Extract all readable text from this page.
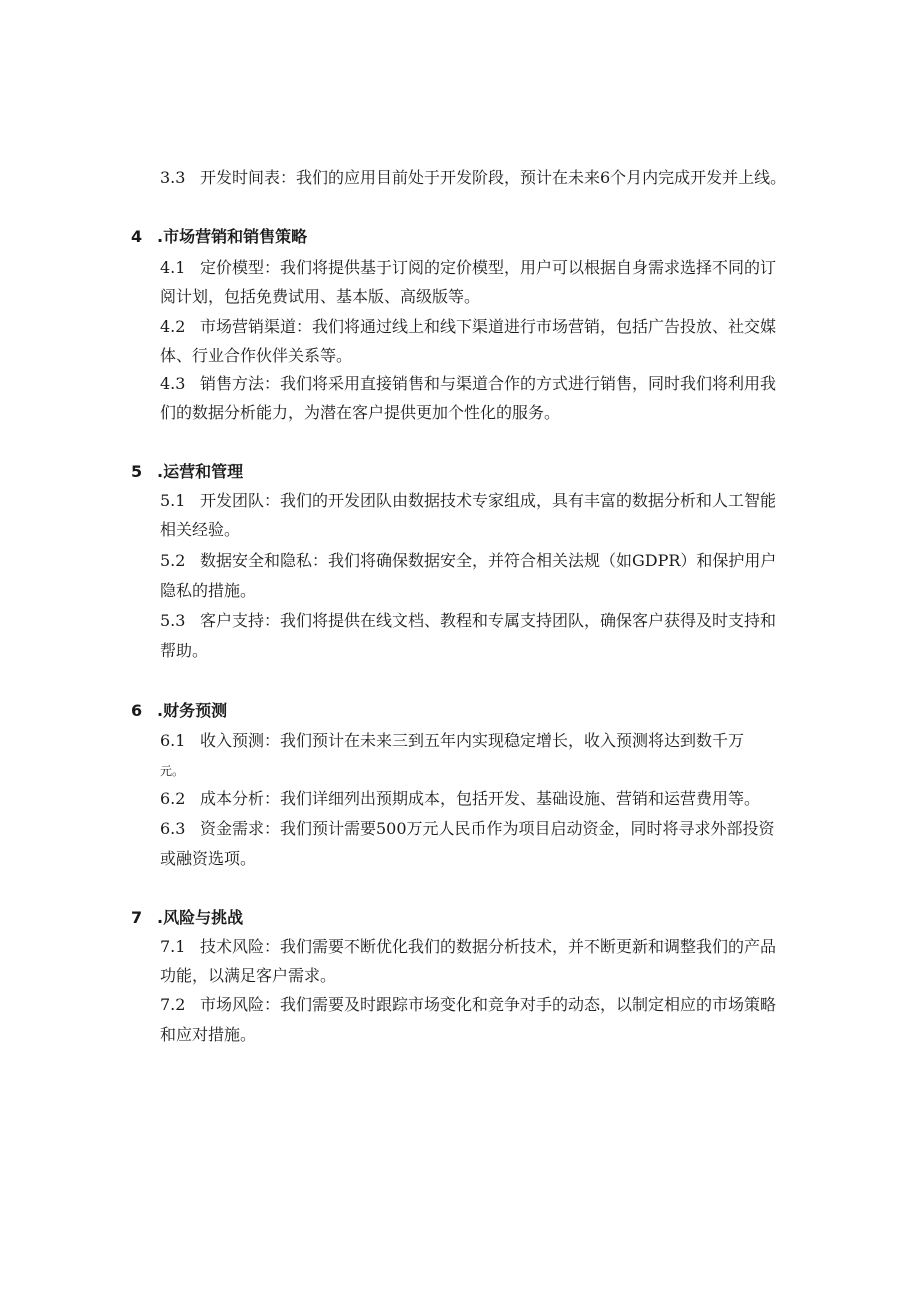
3.3 开发时间表：我们的应用目前处于开发阶段，预计在未来6个月内完成开发并上线。
4 .市场营销和销售策略
4.1 定价模型：我们将提供基于订阅的定价模型，用户可以根据自身需求选择不同的订
阅计划，包括免费试用、基本版、高级版等。
4.2 市场营销渠道：我们将通过线上和线下渠道进行市场营销，包括广告投放、社交媒
体、行业合作伙伴关系等。
4.3 销售方法：我们将采用直接销售和与渠道合作的方式进行销售，同时我们将利用我
们的数据分析能力，为潜在客户提供更加个性化的服务。
5 .运营和管理
5.1 开发团队：我们的开发团队由数据技术专家组成，具有丰富的数据分析和人工智能
相关经验。
5.2 数据安全和隐私：我们将确保数据安全，并符合相关法规（如GDPR）和保护用户
隐私的措施。
5.3 客户支持：我们将提供在线文档、教程和专属支持团队，确保客户获得及时支持和
帮助。
6 .财务预测
6.1 收入预测：我们预计在未来三到五年内实现稳定增长，收入预测将达到数千万
元。
6.2 成本分析：我们详细列出预期成本，包括开发、基础设施、营销和运营费用等。
6.3 资金需求：我们预计需要500万元人民币作为项目启动资金，同时将寻求外部投资
或融资选项。
7 .风险与挑战
7.1 技术风险：我们需要不断优化我们的数据分析技术，并不断更新和调整我们的产品
功能，以满足客户需求。
7.2 市场风险：我们需要及时跟踪市场变化和竞争对手的动态，以制定相应的市场策略
和应对措施。
